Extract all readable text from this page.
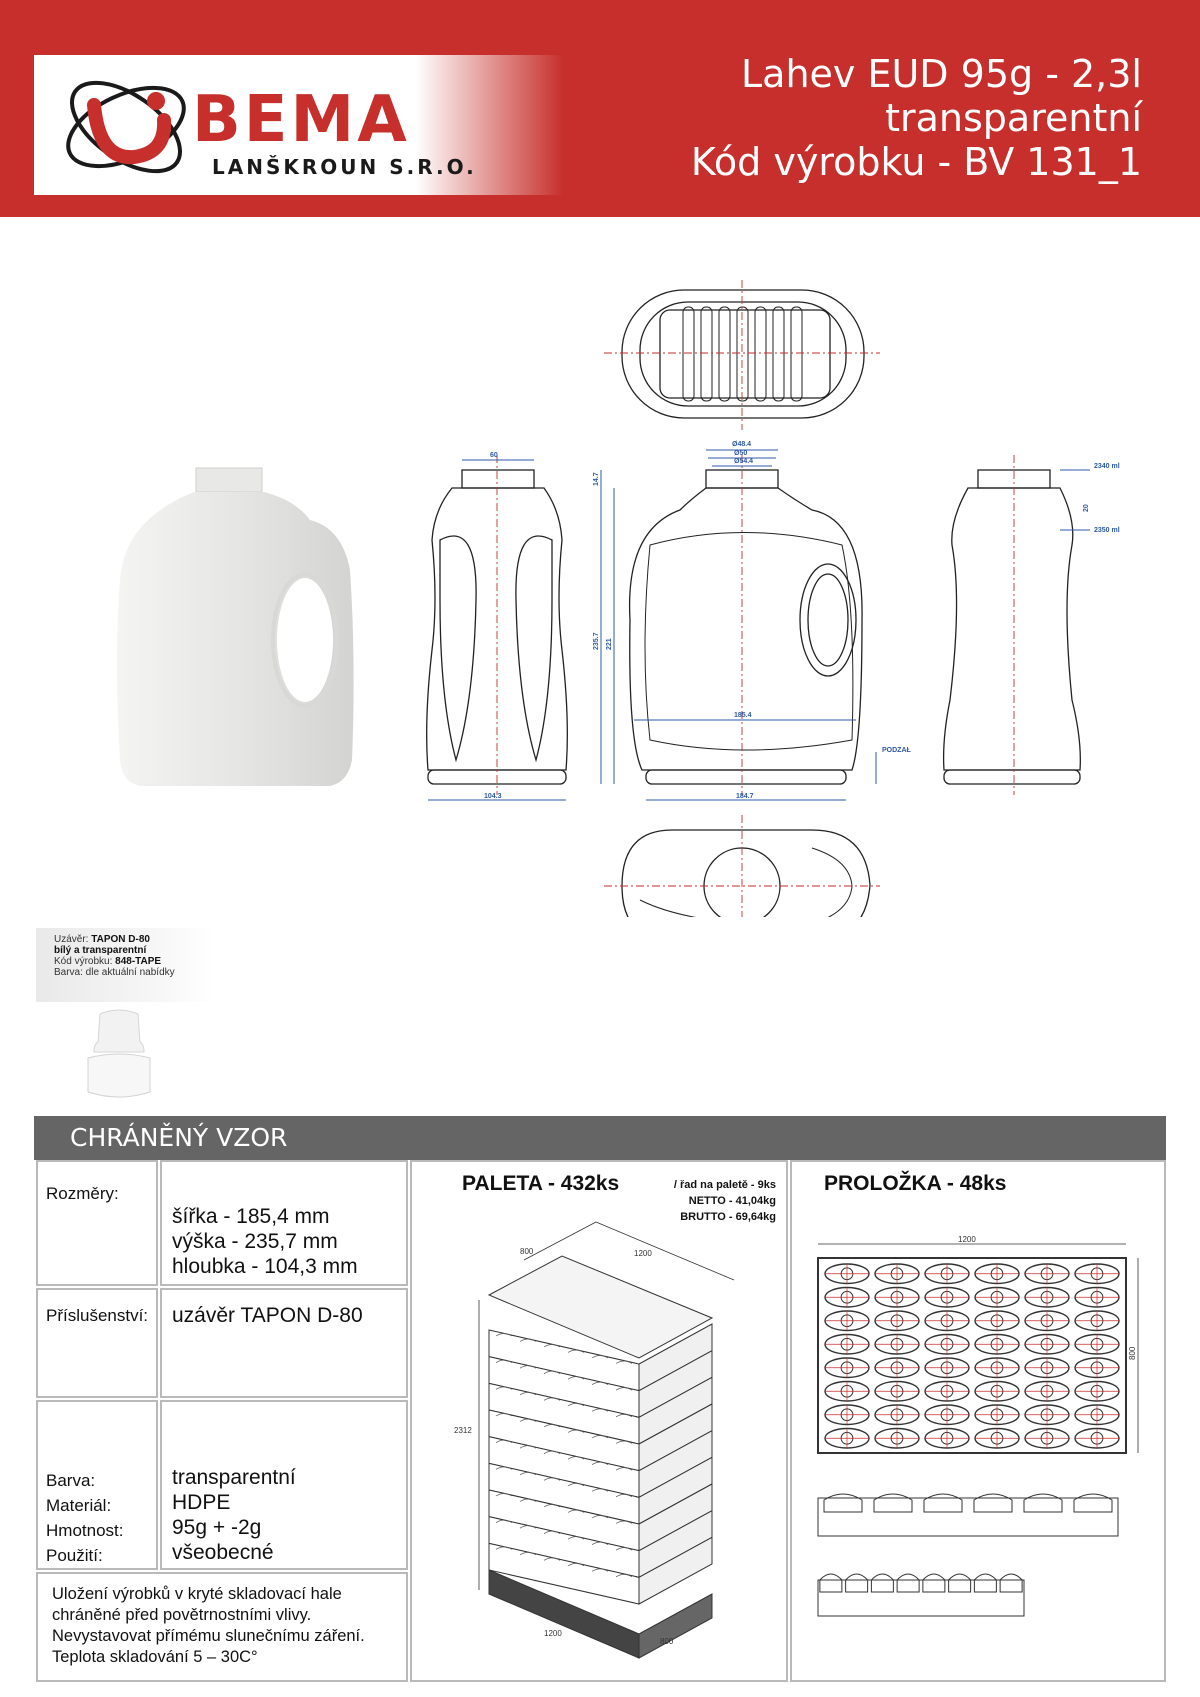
BEMA
LANŠKROUN S.R.O.
Lahev EUD 95g - 2,3l
transparentní
Kód výrobku - BV 131_1
60
Ø48.4
Ø50
Ø54.4
104.3
185.4
184.7
PODZAŁ
2340 ml
2350 ml
235.7 221
14.7
20
Uzávěr: TAPON D-80
bílý a transparentní
Kód výrobku: 848-TAPE
Barva: dle aktuální nabídky
CHRÁNĚNÝ VZOR
Rozměry:
šířka - 185,4 mm
výška - 235,7 mm
hloubka - 104,3 mm
Příslušenství: uzávěr TAPON D-80
Barva:
Materiál:
Hmotnost:
Použití:
transparentní
HDPE
95g + -2g
všeobecné
Uložení výrobků v kryté skladovací hale
chráněné před povětrnostními vlivy.
Nevystavovat přímému slunečnímu záření.
Teplota skladování 5 – 30C°
PALETA - 432ks	/ řad na paletě - 9ks
NETTO - 41,04kg
BRUTTO - 69,64kg
800	1200
2312
1200
800
1200
800
PROLOŽKA - 48ks
